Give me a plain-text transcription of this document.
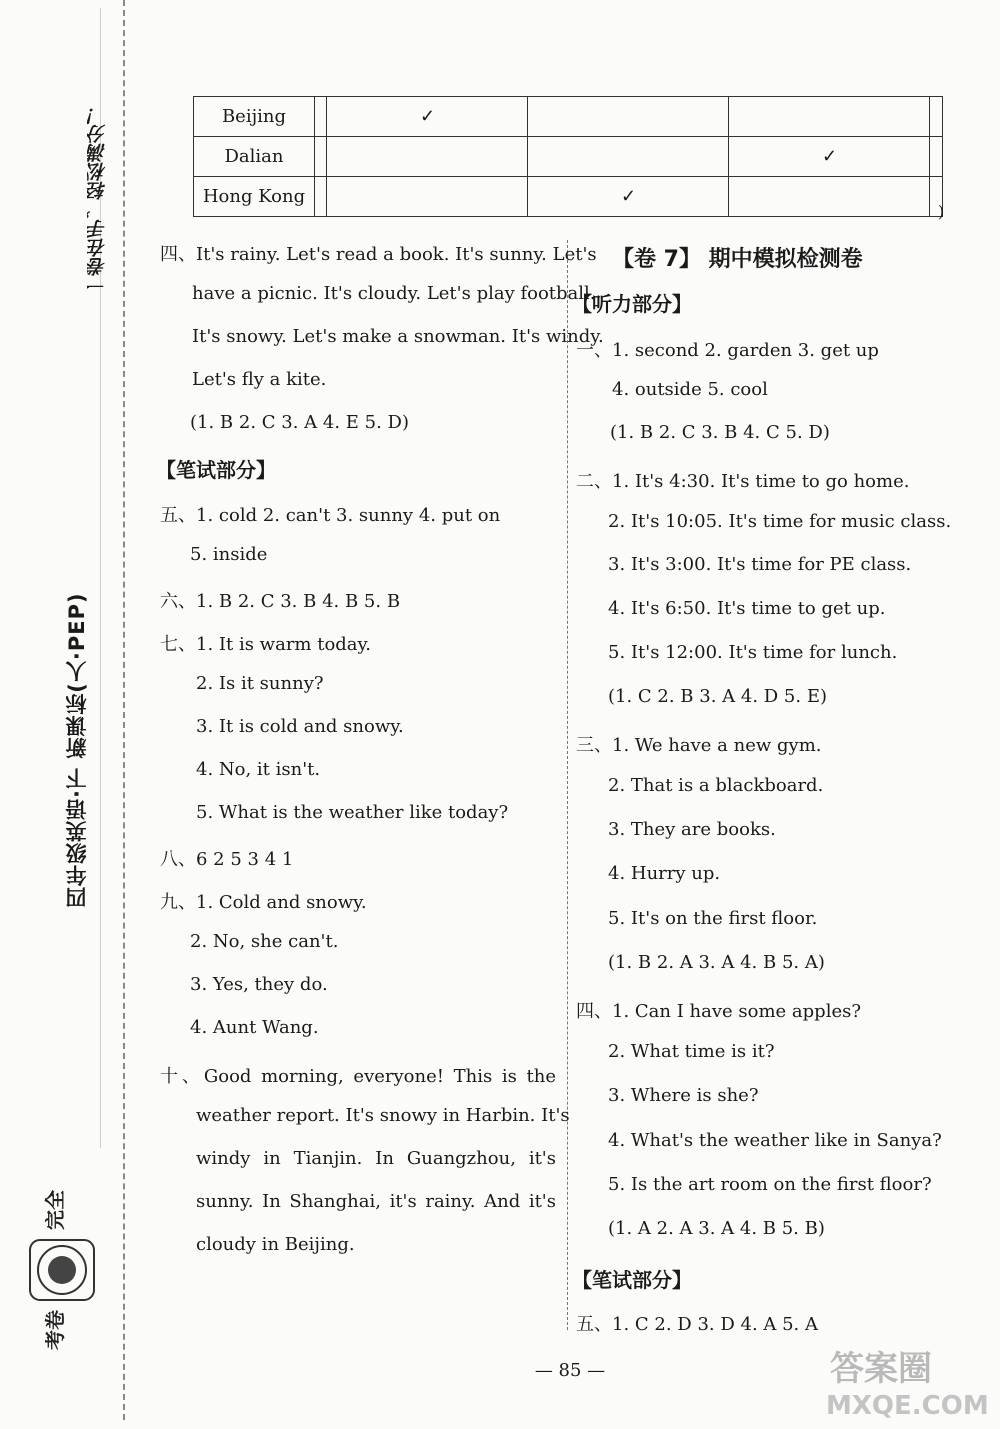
一卷在手，轻松满分！
四年级英语·下 新课标(人·PEP)
完全
考卷
Beijing		✓			
Dalian				✓	
Hong Kong			✓		
)
四、It's rainy. Let's read a book. It's sunny. Let's
have a picnic. It's cloudy. Let's play football.
It's snowy. Let's make a snowman. It's windy.
Let's fly a kite.
(1. B 2. C 3. A 4. E 5. D)
【笔试部分】
五、1. cold 2. can't 3. sunny 4. put on
5. inside
六、1. B 2. C 3. B 4. B 5. B
七、1. It is warm today.
2. Is it sunny?
3. It is cold and snowy.
4. No, it isn't.
5. What is the weather like today?
八、6 2 5 3 4 1
九、1. Cold and snowy.
2. No, she can't.
3. Yes, they do.
4. Aunt Wang.
十、Good morning, everyone! This is the
weather report. It's snowy in Harbin. It's
windy in Tianjin. In Guangzhou, it's
sunny. In Shanghai, it's rainy. And it's
cloudy in Beijing.
【卷 7】 期中模拟检测卷
【听力部分】
一、1. second 2. garden 3. get up
4. outside 5. cool
(1. B 2. C 3. B 4. C 5. D)
二、1. It's 4:30. It's time to go home.
2. It's 10:05. It's time for music class.
3. It's 3:00. It's time for PE class.
4. It's 6:50. It's time to get up.
5. It's 12:00. It's time for lunch.
(1. C 2. B 3. A 4. D 5. E)
三、1. We have a new gym.
2. That is a blackboard.
3. They are books.
4. Hurry up.
5. It's on the first floor.
(1. B 2. A 3. A 4. B 5. A)
四、1. Can I have some apples?
2. What time is it?
3. Where is she?
4. What's the weather like in Sanya?
5. Is the art room on the first floor?
(1. A 2. A 3. A 4. B 5. B)
【笔试部分】
五、1. C 2. D 3. D 4. A 5. A
— 85 —	答案圈
MXQE.COM
